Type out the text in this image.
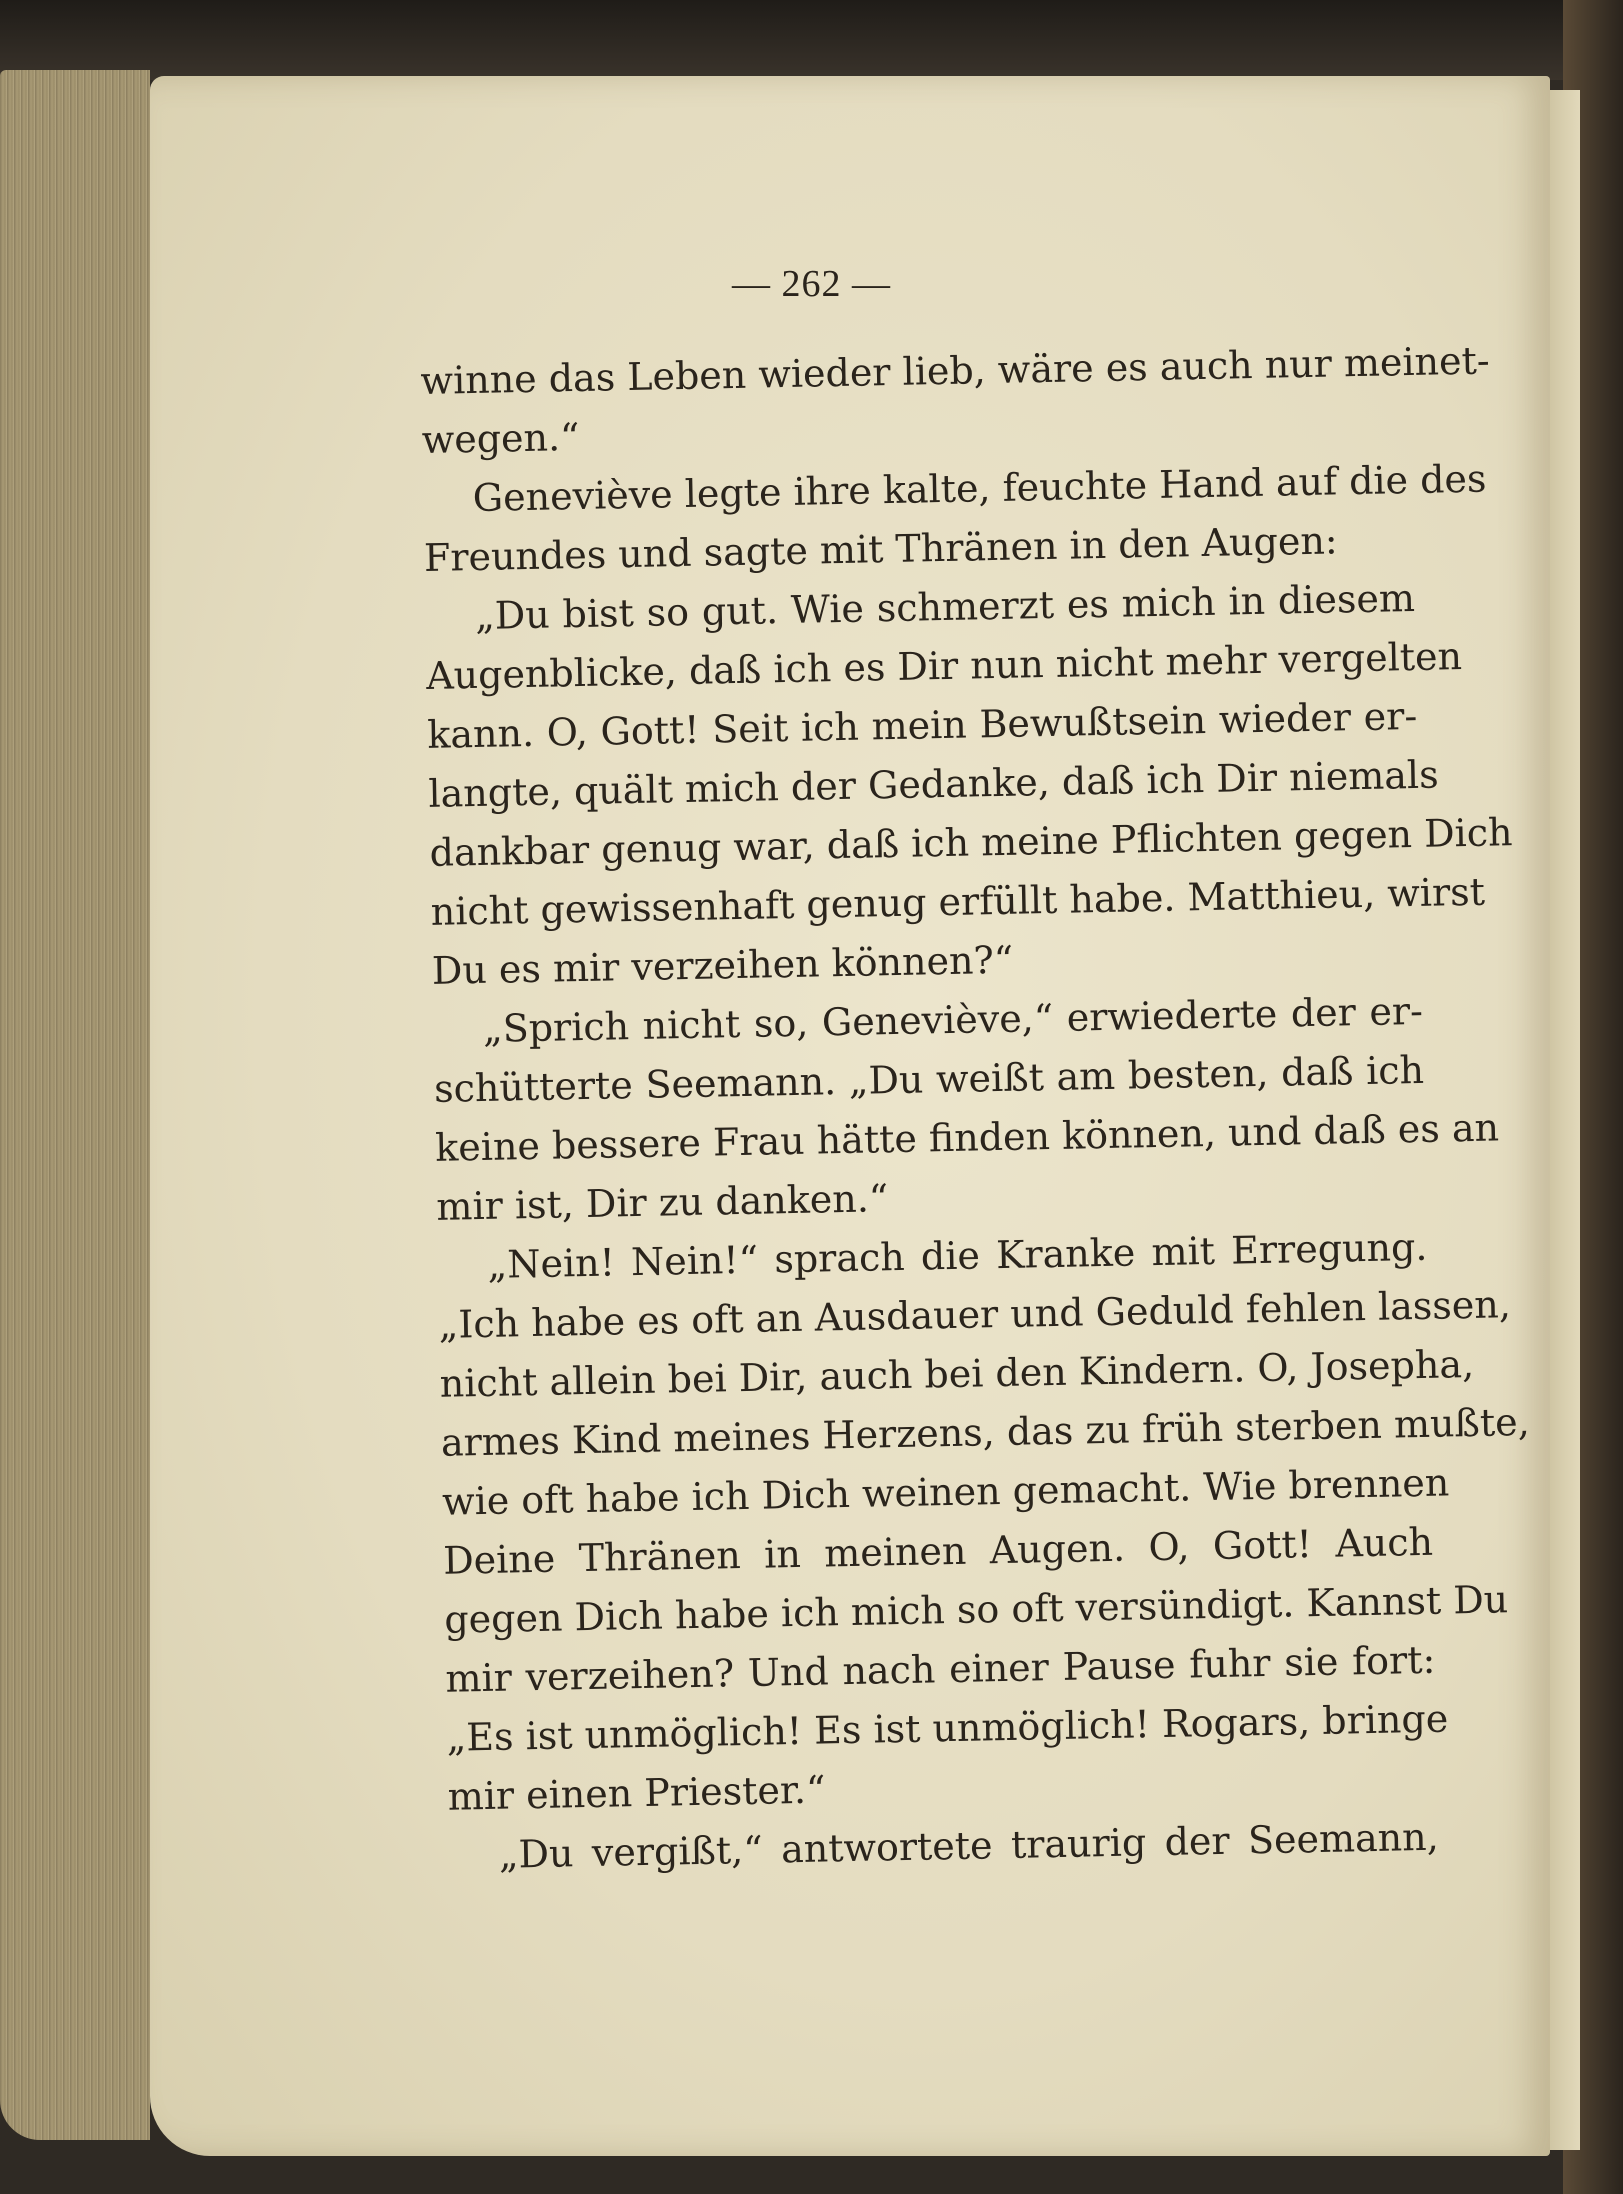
— 262 —
winne das Leben wieder lieb, wäre es auch nur meinet-
wegen.“
Geneviève legte ihre kalte, feuchte Hand auf die des
Freundes und sagte mit Thränen in den Augen:
„Du bist so gut. Wie schmerzt es mich in diesem
Augenblicke, daß ich es Dir nun nicht mehr vergelten
kann. O, Gott! Seit ich mein Bewußtsein wieder er-
langte, quält mich der Gedanke, daß ich Dir niemals
dankbar genug war, daß ich meine Pflichten gegen Dich
nicht gewissenhaft genug erfüllt habe. Matthieu, wirst
Du es mir verzeihen können?“
„Sprich nicht so, Geneviève,“ erwiederte der er-
schütterte Seemann. „Du weißt am besten, daß ich
keine bessere Frau hätte finden können, und daß es an
mir ist, Dir zu danken.“
„Nein! Nein!“ sprach die Kranke mit Erregung.
„Ich habe es oft an Ausdauer und Geduld fehlen lassen,
nicht allein bei Dir, auch bei den Kindern. O, Josepha,
armes Kind meines Herzens, das zu früh sterben mußte,
wie oft habe ich Dich weinen gemacht. Wie brennen
Deine Thränen in meinen Augen. O, Gott! Auch
gegen Dich habe ich mich so oft versündigt. Kannst Du
mir verzeihen? Und nach einer Pause fuhr sie fort:
„Es ist unmöglich! Es ist unmöglich! Rogars, bringe
mir einen Priester.“
„Du vergißt,“ antwortete traurig der Seemann,
